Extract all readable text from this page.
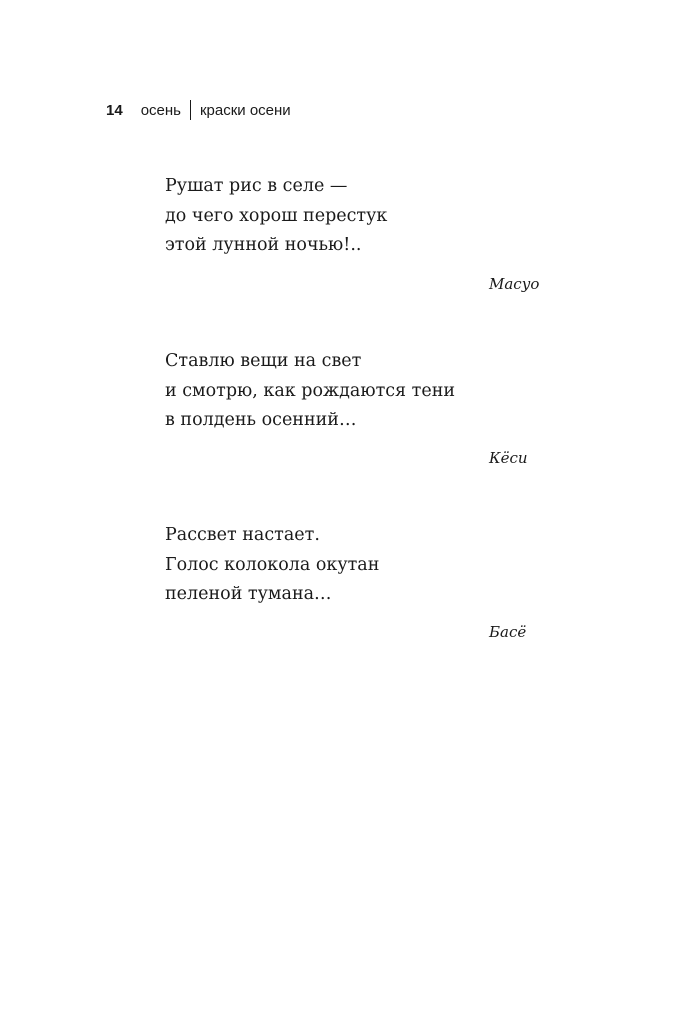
14 осень краски осени
Рушат рис в селе —
до чего хорош перестук
этой лунной ночью!..
Масуо
Ставлю вещи на свет
и смотрю, как рождаются тени
в полдень осенний…
Кёси
Рассвет настает.
Голос колокола окутан
пеленой тумана…
Басё
